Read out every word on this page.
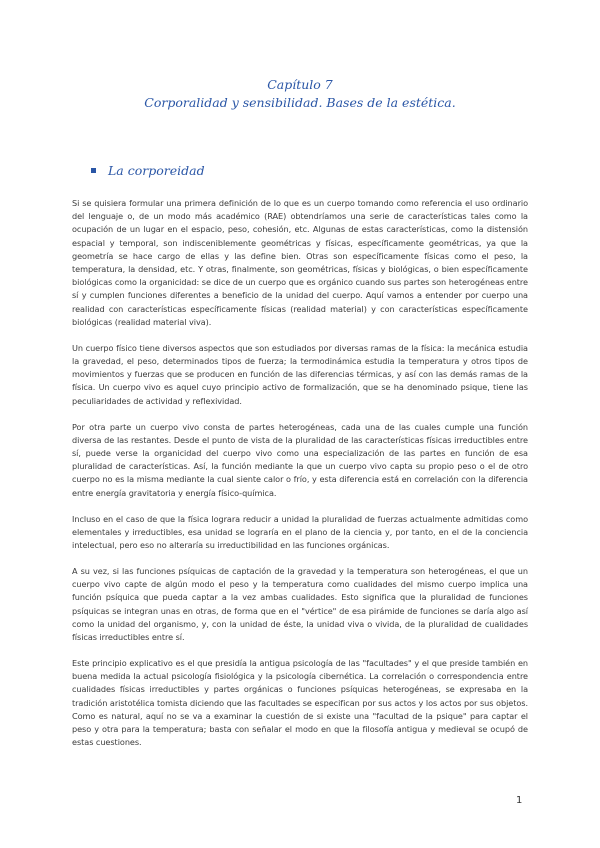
Capítulo 7
Corporalidad y sensibilidad. Bases de la estética.
La corporeidad

Si se quisiera formular una primera definición de lo que es un cuerpo tomando como referencia el uso ordinario del lenguaje o, de un modo más académico (RAE) obtendríamos una serie de características tales como la ocupación de un lugar en el espacio, peso, cohesión, etc. Algunas de estas características, como la distensión espacial y temporal, son indisceniblemente geométricas y físicas, específicamente geométricas, ya que la geometría se hace cargo de ellas y las define bien. Otras son específicamente físicas como el peso, la temperatura, la densidad, etc. Y otras, finalmente, son geométricas, físicas y biológicas, o bien específicamente biológicas como la organicidad: se dice de un cuerpo que es orgánico cuando sus partes son heterogéneas entre sí y cumplen funciones diferentes a beneficio de la unidad del cuerpo. Aquí vamos a entender por cuerpo una realidad con características específicamente físicas (realidad material) y con características específicamente biológicas (realidad material viva).

Un cuerpo físico tiene diversos aspectos que son estudiados por diversas ramas de la física: la mecánica estudia la gravedad, el peso, determinados tipos de fuerza; la termodinámica estudia la temperatura y otros tipos de movimientos y fuerzas que se producen en función de las diferencias térmicas, y así con las demás ramas de la física. Un cuerpo vivo es aquel cuyo principio activo de formalización, que se ha denominado psique, tiene las peculiaridades de actividad y reflexividad.

Por otra parte un cuerpo vivo consta de partes heterogéneas, cada una de las cuales cumple una función diversa de las restantes. Desde el punto de vista de la pluralidad de las características físicas irreductibles entre sí, puede verse la organicidad del cuerpo vivo como una especialización de las partes en función de esa pluralidad de características. Así, la función mediante la que un cuerpo vivo capta su propio peso o el de otro cuerpo no es la misma mediante la cual siente calor o frío, y esta diferencia está en correlación con la diferencia entre energía gravitatoria y energía físico-química.

Incluso en el caso de que la física lograra reducir a unidad la pluralidad de fuerzas actualmente admitidas como elementales y irreductibles, esa unidad se lograría en el plano de la ciencia y, por tanto, en el de la conciencia intelectual, pero eso no alteraría su irreductibilidad en las funciones orgánicas.

A su vez, si las funciones psíquicas de captación de la gravedad y la temperatura son heterogéneas, el que un cuerpo vivo capte de algún modo el peso y la temperatura como cualidades del mismo cuerpo implica una función psíquica que pueda captar a la vez ambas cualidades. Esto significa que la pluralidad de funciones psíquicas se integran unas en otras, de forma que en el "vértice" de esa pirámide de funciones se daría algo así como la unidad del organismo, y, con la unidad de éste, la unidad viva o vivida, de la pluralidad de cualidades físicas irreductibles entre sí.

Este principio explicativo es el que presidía la antigua psicología de las "facultades" y el que preside también en buena medida la actual psicología fisiológica y la psicología cibernética. La correlación o correspondencia entre cualidades físicas irreductibles y partes orgánicas o funciones psíquicas heterogéneas, se expresaba en la tradición aristotélica tomista diciendo que las facultades se especifican por sus actos y los actos por sus objetos. Como es natural, aquí no se va a examinar la cuestión de si existe una "facultad de la psique" para captar el peso y otra para la temperatura; basta con señalar el modo en que la filosofía antigua y medieval se ocupó de estas cuestiones.

1
